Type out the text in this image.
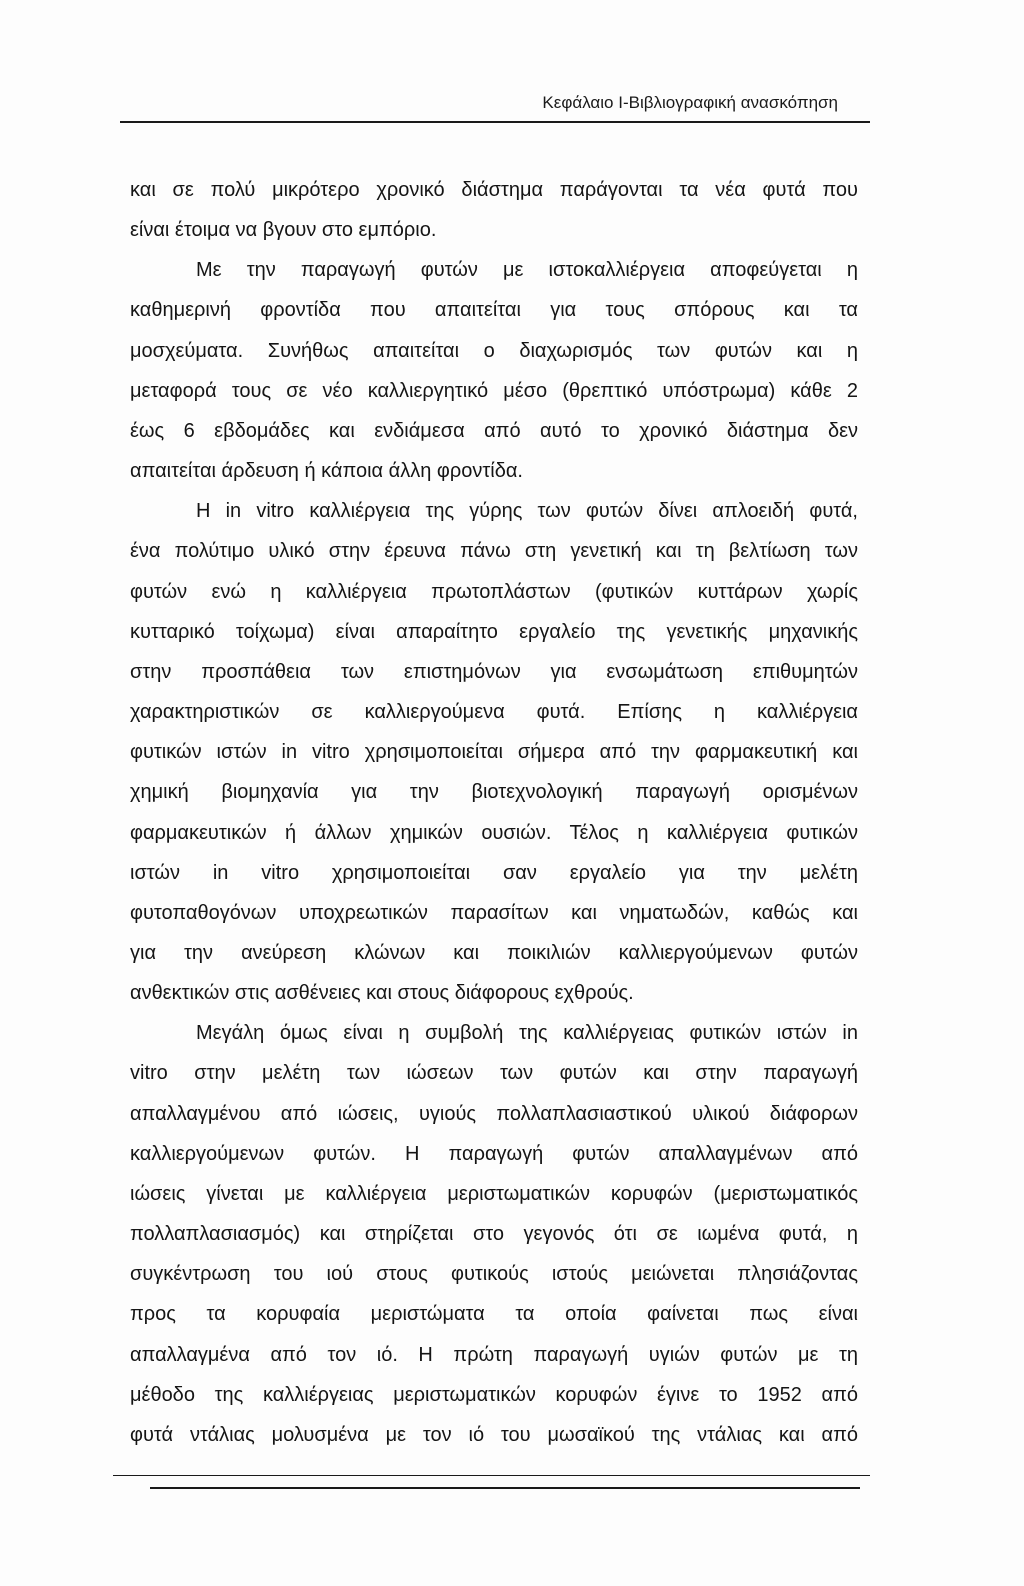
Κεφάλαιο Ι-Βιβλιογραφική ανασκόπηση
και σε πολύ μικρότερο χρονικό διάστημα παράγονται τα νέα φυτά που
είναι έτοιμα να βγουν στο εμπόριο.
Με την παραγωγή φυτών με ιστοκαλλιέργεια αποφεύγεται η
καθημερινή φροντίδα που απαιτείται για τους σπόρους και τα
μοσχεύματα. Συνήθως απαιτείται ο διαχωρισμός των φυτών και η
μεταφορά τους σε νέο καλλιεργητικό μέσο (θρεπτικό υπόστρωμα) κάθε 2
έως 6 εβδομάδες και ενδιάμεσα από αυτό το χρονικό διάστημα δεν
απαιτείται άρδευση ή κάποια άλλη φροντίδα.
Η in vitro καλλιέργεια της γύρης των φυτών δίνει απλοειδή φυτά,
ένα πολύτιμο υλικό στην έρευνα πάνω στη γενετική και τη βελτίωση των
φυτών ενώ η καλλιέργεια πρωτοπλάστων (φυτικών κυττάρων χωρίς
κυτταρικό τοίχωμα) είναι απαραίτητο εργαλείο της γενετικής μηχανικής
στην προσπάθεια των επιστημόνων για ενσωμάτωση επιθυμητών
χαρακτηριστικών σε καλλιεργούμενα φυτά. Επίσης η καλλιέργεια
φυτικών ιστών in vitro χρησιμοποιείται σήμερα από την φαρμακευτική και
χημική βιομηχανία για την βιοτεχνολογική παραγωγή ορισμένων
φαρμακευτικών ή άλλων χημικών ουσιών. Τέλος η καλλιέργεια φυτικών
ιστών in vitro χρησιμοποιείται σαν εργαλείο για την μελέτη
φυτοπαθογόνων υποχρεωτικών παρασίτων και νηματωδών, καθώς και
για την ανεύρεση κλώνων και ποικιλιών καλλιεργούμενων φυτών
ανθεκτικών στις ασθένειες και στους διάφορους εχθρούς.
Μεγάλη όμως είναι η συμβολή της καλλιέργειας φυτικών ιστών in
vitro στην μελέτη των ιώσεων των φυτών και στην παραγωγή
απαλλαγμένου από ιώσεις, υγιούς πολλαπλασιαστικού υλικού διάφορων
καλλιεργούμενων φυτών. Η παραγωγή φυτών απαλλαγμένων από
ιώσεις γίνεται με καλλιέργεια μεριστωματικών κορυφών (μεριστωματικός
πολλαπλασιασμός) και στηρίζεται στο γεγονός ότι σε ιωμένα φυτά, η
συγκέντρωση του ιού στους φυτικούς ιστούς μειώνεται πλησιάζοντας
προς τα κορυφαία μεριστώματα τα οποία φαίνεται πως είναι
απαλλαγμένα από τον ιό. Η πρώτη παραγωγή υγιών φυτών με τη
μέθοδο της καλλιέργειας μεριστωματικών κορυφών έγινε το 1952 από
φυτά ντάλιας μολυσμένα με τον ιό του μωσαϊκού της ντάλιας και από
